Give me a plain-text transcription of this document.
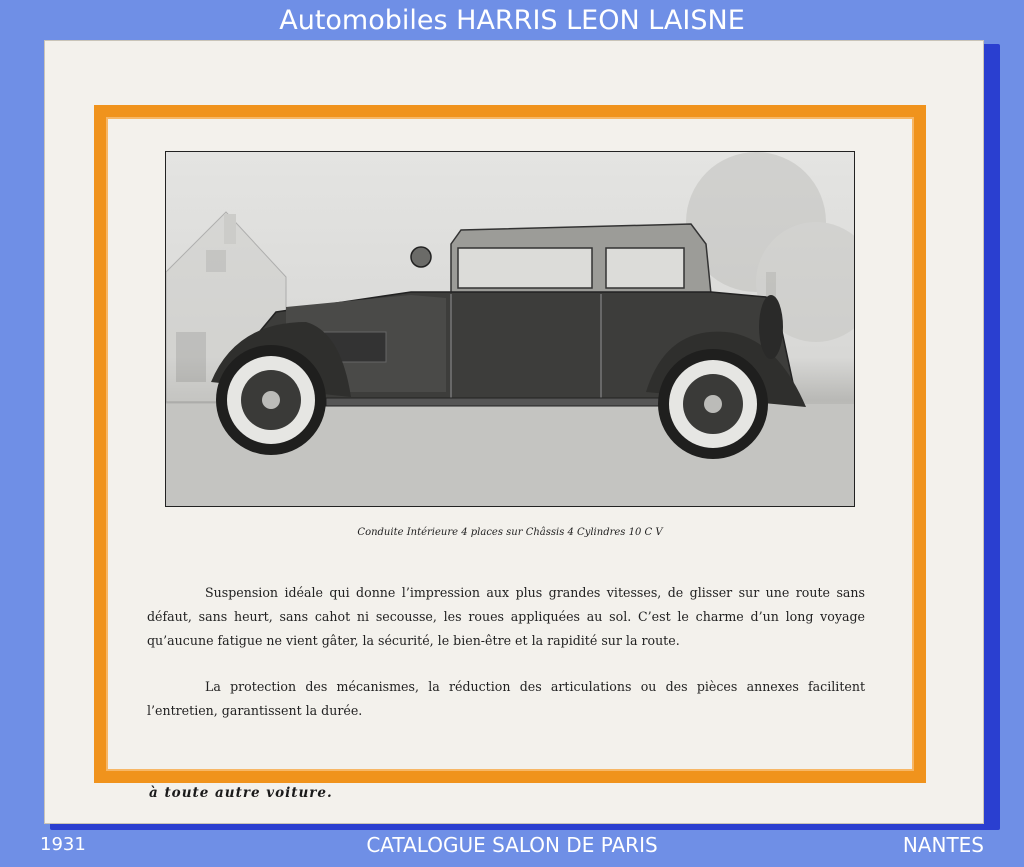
Automobiles HARRIS LEON LAISNE
Conduite Intérieure 4 places sur Châssis 4 Cylindres 10 C V

Suspension idéale qui donne l’impression aux plus grandes vitesses, de glisser sur une route sans défaut, sans heurt, sans cahot ni secousse, les roues appliquées au sol. C’est le charme d’un long voyage qu’aucune fatigue ne vient gâter, la sécurité, le bien-être et la rapidité sur la route.

La protection des mécanismes, la réduction des articulations ou des pièces annexes facilitent l’entretien, garantissent la durée.

à toute autre voiture.
1931	CATALOGUE SALON DE PARIS	NANTES
